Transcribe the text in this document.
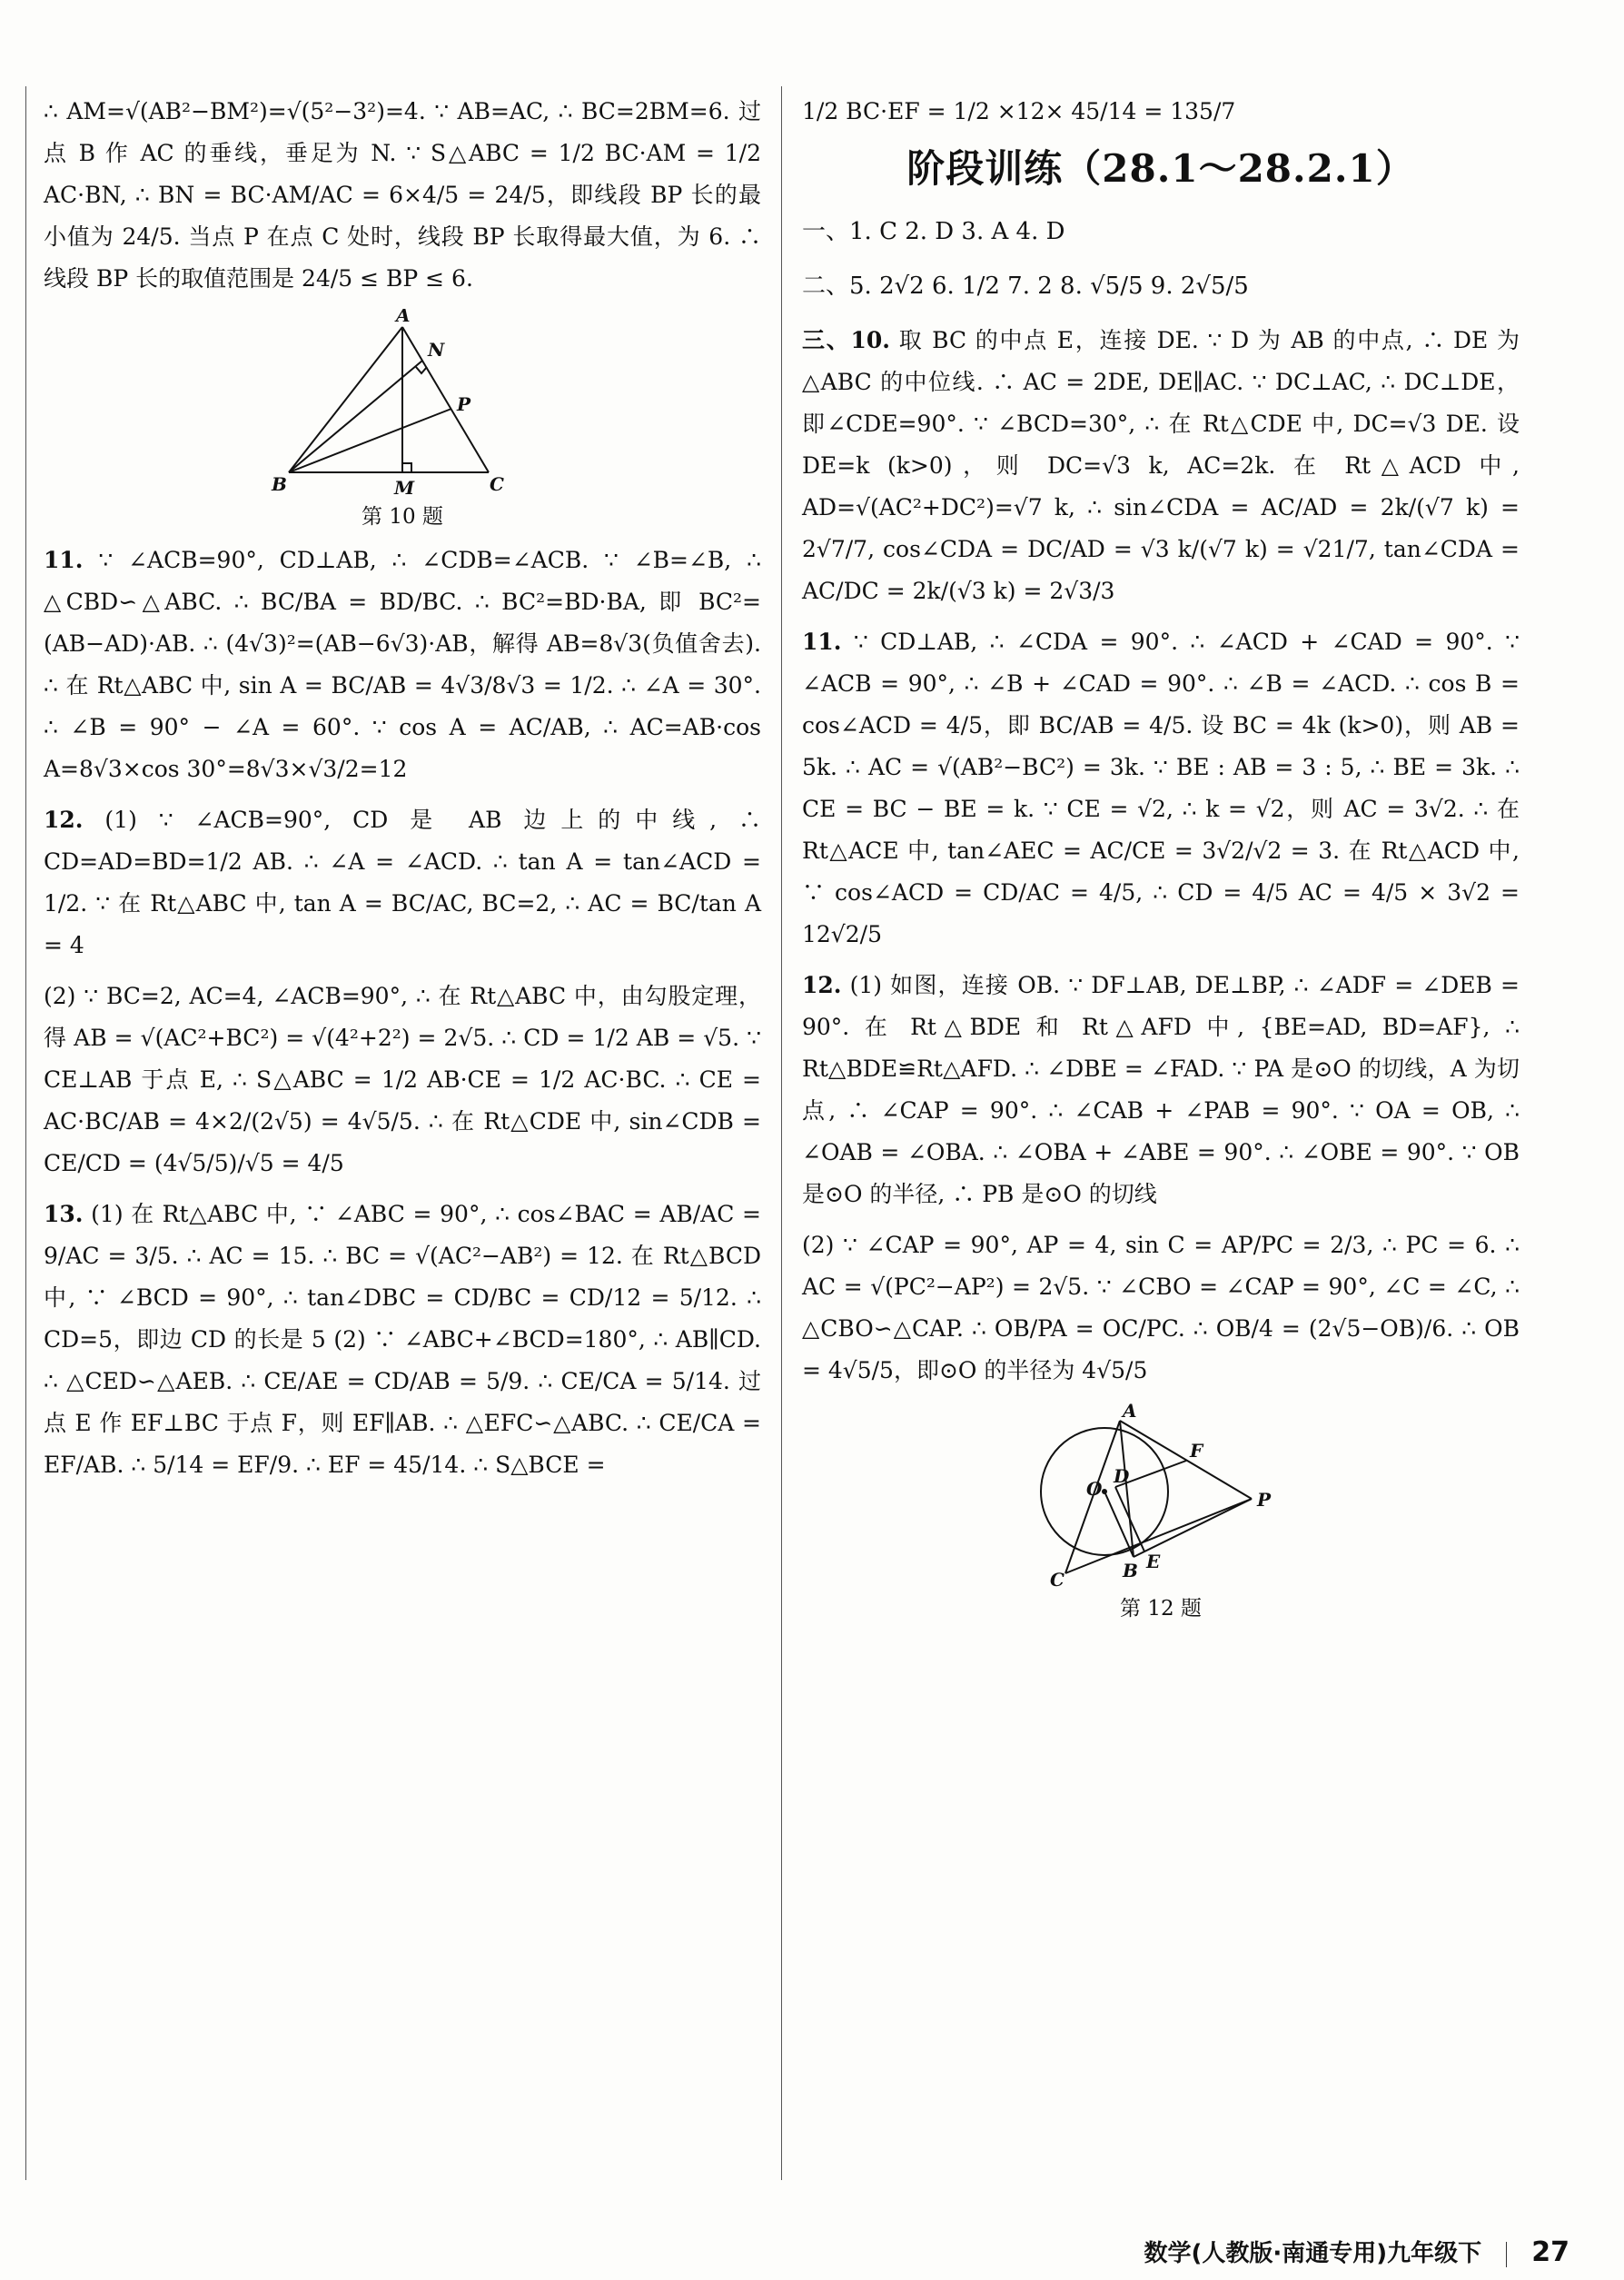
∴ AM=√(AB²−BM²)=√(5²−3²)=4. ∵ AB=AC, ∴ BC=2BM=6. 过点 B 作 AC 的垂线，垂足为 N. ∵ S△ABC = 1/2 BC·AM = 1/2 AC·BN, ∴ BN = BC·AM/AC = 6×4/5 = 24/5，即线段 BP 长的最小值为 24/5. 当点 P 在点 C 处时，线段 BP 长取得最大值，为 6. ∴ 线段 BP 长的取值范围是 24/5 ≤ BP ≤ 6.

A
B	C
M
N
P
第 10 题

11. ∵ ∠ACB=90°, CD⊥AB, ∴ ∠CDB=∠ACB. ∵ ∠B=∠B, ∴ △CBD∽△ABC. ∴ BC/BA = BD/BC. ∴ BC²=BD·BA, 即 BC²=(AB−AD)·AB. ∴ (4√3)²=(AB−6√3)·AB，解得 AB=8√3(负值舍去). ∴ 在 Rt△ABC 中, sin A = BC/AB = 4√3/8√3 = 1/2. ∴ ∠A = 30°. ∴ ∠B = 90° − ∠A = 60°. ∵ cos A = AC/AB, ∴ AC=AB·cos A=8√3×cos 30°=8√3×√3/2=12

12. (1) ∵ ∠ACB=90°, CD 是 AB 边上的中线, ∴ CD=AD=BD=1/2 AB. ∴ ∠A = ∠ACD. ∴ tan A = tan∠ACD = 1/2. ∵ 在 Rt△ABC 中, tan A = BC/AC, BC=2, ∴ AC = BC/tan A = 4

(2) ∵ BC=2, AC=4, ∠ACB=90°, ∴ 在 Rt△ABC 中，由勾股定理，得 AB = √(AC²+BC²) = √(4²+2²) = 2√5. ∴ CD = 1/2 AB = √5. ∵ CE⊥AB 于点 E, ∴ S△ABC = 1/2 AB·CE = 1/2 AC·BC. ∴ CE = AC·BC/AB = 4×2/(2√5) = 4√5/5. ∴ 在 Rt△CDE 中, sin∠CDB = CE/CD = (4√5/5)/√5 = 4/5

13. (1) 在 Rt△ABC 中, ∵ ∠ABC = 90°, ∴ cos∠BAC = AB/AC = 9/AC = 3/5. ∴ AC = 15. ∴ BC = √(AC²−AB²) = 12. 在 Rt△BCD 中, ∵ ∠BCD = 90°, ∴ tan∠DBC = CD/BC = CD/12 = 5/12. ∴ CD=5，即边 CD 的长是 5 (2) ∵ ∠ABC+∠BCD=180°, ∴ AB∥CD. ∴ △CED∽△AEB. ∴ CE/AE = CD/AB = 5/9. ∴ CE/CA = 5/14. 过点 E 作 EF⊥BC 于点 F，则 EF∥AB. ∴ △EFC∽△ABC. ∴ CE/CA = EF/AB. ∴ 5/14 = EF/9. ∴ EF = 45/14. ∴ S△BCE =

1/2 BC·EF = 1/2 ×12× 45/14 = 135/7

阶段训练（28.1～28.2.1）

一、1. C 2. D 3. A 4. D

二、5. 2√2 6. 1/2 7. 2 8. √5/5 9. 2√5/5

三、10. 取 BC 的中点 E，连接 DE. ∵ D 为 AB 的中点, ∴ DE 为△ABC 的中位线. ∴ AC = 2DE, DE∥AC. ∵ DC⊥AC, ∴ DC⊥DE，即∠CDE=90°. ∵ ∠BCD=30°, ∴ 在 Rt△CDE 中, DC=√3 DE. 设 DE=k (k>0)，则 DC=√3 k, AC=2k. 在 Rt△ACD 中, AD=√(AC²+DC²)=√7 k, ∴ sin∠CDA = AC/AD = 2k/(√7 k) = 2√7/7, cos∠CDA = DC/AD = √3 k/(√7 k) = √21/7, tan∠CDA = AC/DC = 2k/(√3 k) = 2√3/3

11. ∵ CD⊥AB, ∴ ∠CDA = 90°. ∴ ∠ACD + ∠CAD = 90°. ∵ ∠ACB = 90°, ∴ ∠B + ∠CAD = 90°. ∴ ∠B = ∠ACD. ∴ cos B = cos∠ACD = 4/5，即 BC/AB = 4/5. 设 BC = 4k (k>0)，则 AB = 5k. ∴ AC = √(AB²−BC²) = 3k. ∵ BE : AB = 3 : 5, ∴ BE = 3k. ∴ CE = BC − BE = k. ∵ CE = √2, ∴ k = √2，则 AC = 3√2. ∴ 在 Rt△ACE 中, tan∠AEC = AC/CE = 3√2/√2 = 3. 在 Rt△ACD 中, ∵ cos∠ACD = CD/AC = 4/5, ∴ CD = 4/5 AC = 4/5 × 3√2 = 12√2/5

12. (1) 如图，连接 OB. ∵ DF⊥AB, DE⊥BP, ∴ ∠ADF = ∠DEB = 90°. 在 Rt△BDE 和 Rt△AFD 中, {BE=AD, BD=AF}, ∴ Rt△BDE≌Rt△AFD. ∴ ∠DBE = ∠FAD. ∵ PA 是⊙O 的切线，A 为切点, ∴ ∠CAP = 90°. ∴ ∠CAB + ∠PAB = 90°. ∵ OA = OB, ∴ ∠OAB = ∠OBA. ∴ ∠OBA + ∠ABE = 90°. ∴ ∠OBE = 90°. ∵ OB 是⊙O 的半径, ∴ PB 是⊙O 的切线

(2) ∵ ∠CAP = 90°, AP = 4, sin C = AP/PC = 2/3, ∴ PC = 6. ∴ AC = √(PC²−AP²) = 2√5. ∵ ∠CBO = ∠CAP = 90°, ∠C = ∠C, ∴ △CBO∽△CAP. ∴ OB/PA = OC/PC. ∴ OB/4 = (2√5−OB)/6. ∴ OB = 4√5/5，即⊙O 的半径为 4√5/5

A
B
C
D
E
F
O	P
第 12 题
数学(人教版·南通专用)九年级下 27
